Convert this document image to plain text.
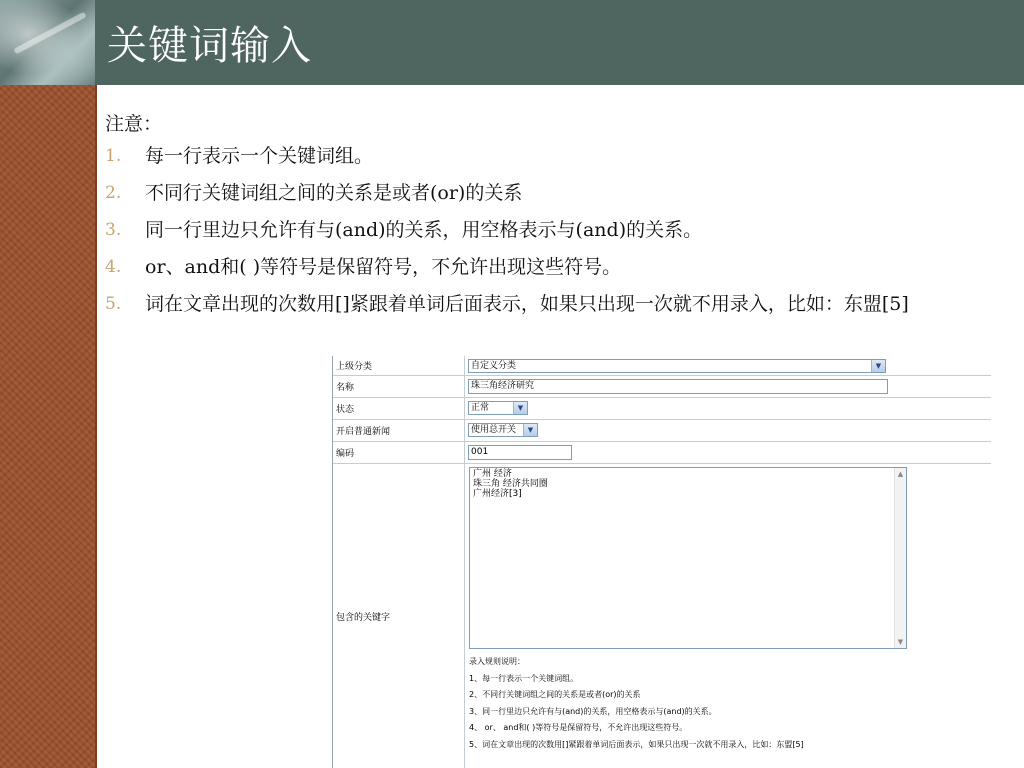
关键词输入
注意：
1.	每一行表示一个关键词组。
2.	不同行关键词组之间的关系是或者(or)的关系
3.	同一行里边只允许有与(and)的关系，用空格表示与(and)的关系。
4.	or、and和( )等符号是保留符号，不允许出现这些符号。
5.	词在文章出现的次数用[]紧跟着单词后面表示，如果只出现一次就不用录入，比如：东盟[5]
上级分类	自定义分类	▼
名称	珠三角经济研究
状态	正常	▼
开启普通新闻	使用总开关	▼
编码	001
包含的关键字
广州 经济
珠三角 经济共同圈
广州经济[3]
▲
▼
录入规则说明：
1、每一行表示一个关键词组。
2、不同行关键词组之间的关系是或者(or)的关系
3、同一行里边只允许有与(and)的关系，用空格表示与(and)的关系。
4、 or、 and和( )等符号是保留符号，不允许出现这些符号。
5、词在文章出现的次数用[]紧跟着单词后面表示，如果只出现一次就不用录入，比如：东盟[5]
